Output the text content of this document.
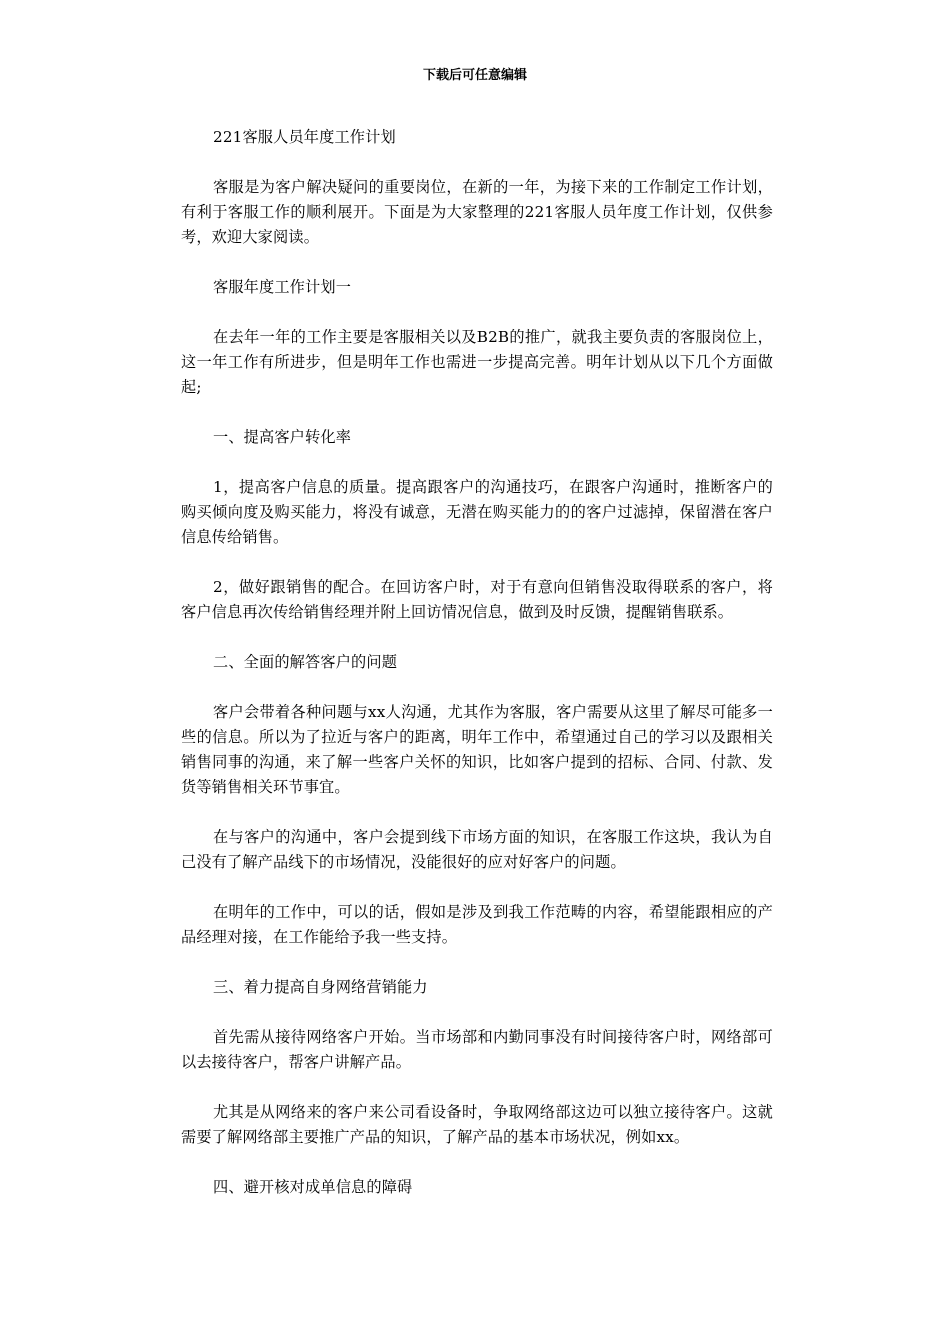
下载后可任意编辑

221客服人员年度工作计划

客服是为客户解决疑问的重要岗位，在新的一年，为接下来的工作制定工作计划，有利于客服工作的顺利展开。下面是为大家整理的221客服人员年度工作计划，仅供参考，欢迎大家阅读。

客服年度工作计划一

在去年一年的工作主要是客服相关以及B2B的推广，就我主要负责的客服岗位上，这一年工作有所进步，但是明年工作也需进一步提高完善。明年计划从以下几个方面做起;

一、提高客户转化率

1，提高客户信息的质量。提高跟客户的沟通技巧，在跟客户沟通时，推断客户的购买倾向度及购买能力，将没有诚意，无潜在购买能力的的客户过滤掉，保留潜在客户信息传给销售。

2，做好跟销售的配合。在回访客户时，对于有意向但销售没取得联系的客户，将客户信息再次传给销售经理并附上回访情况信息，做到及时反馈，提醒销售联系。

二、全面的解答客户的问题

客户会带着各种问题与xx人沟通，尤其作为客服，客户需要从这里了解尽可能多一些的信息。所以为了拉近与客户的距离，明年工作中，希望通过自己的学习以及跟相关销售同事的沟通，来了解一些客户关怀的知识，比如客户提到的招标、合同、付款、发货等销售相关环节事宜。

在与客户的沟通中，客户会提到线下市场方面的知识，在客服工作这块，我认为自己没有了解产品线下的市场情况，没能很好的应对好客户的问题。

在明年的工作中，可以的话，假如是涉及到我工作范畴的内容，希望能跟相应的产品经理对接，在工作能给予我一些支持。

三、着力提高自身网络营销能力

首先需从接待网络客户开始。当市场部和内勤同事没有时间接待客户时，网络部可以去接待客户，帮客户讲解产品。

尤其是从网络来的客户来公司看设备时，争取网络部这边可以独立接待客户。这就需要了解网络部主要推广产品的知识，了解产品的基本市场状况，例如xx。

四、避开核对成单信息的障碍
